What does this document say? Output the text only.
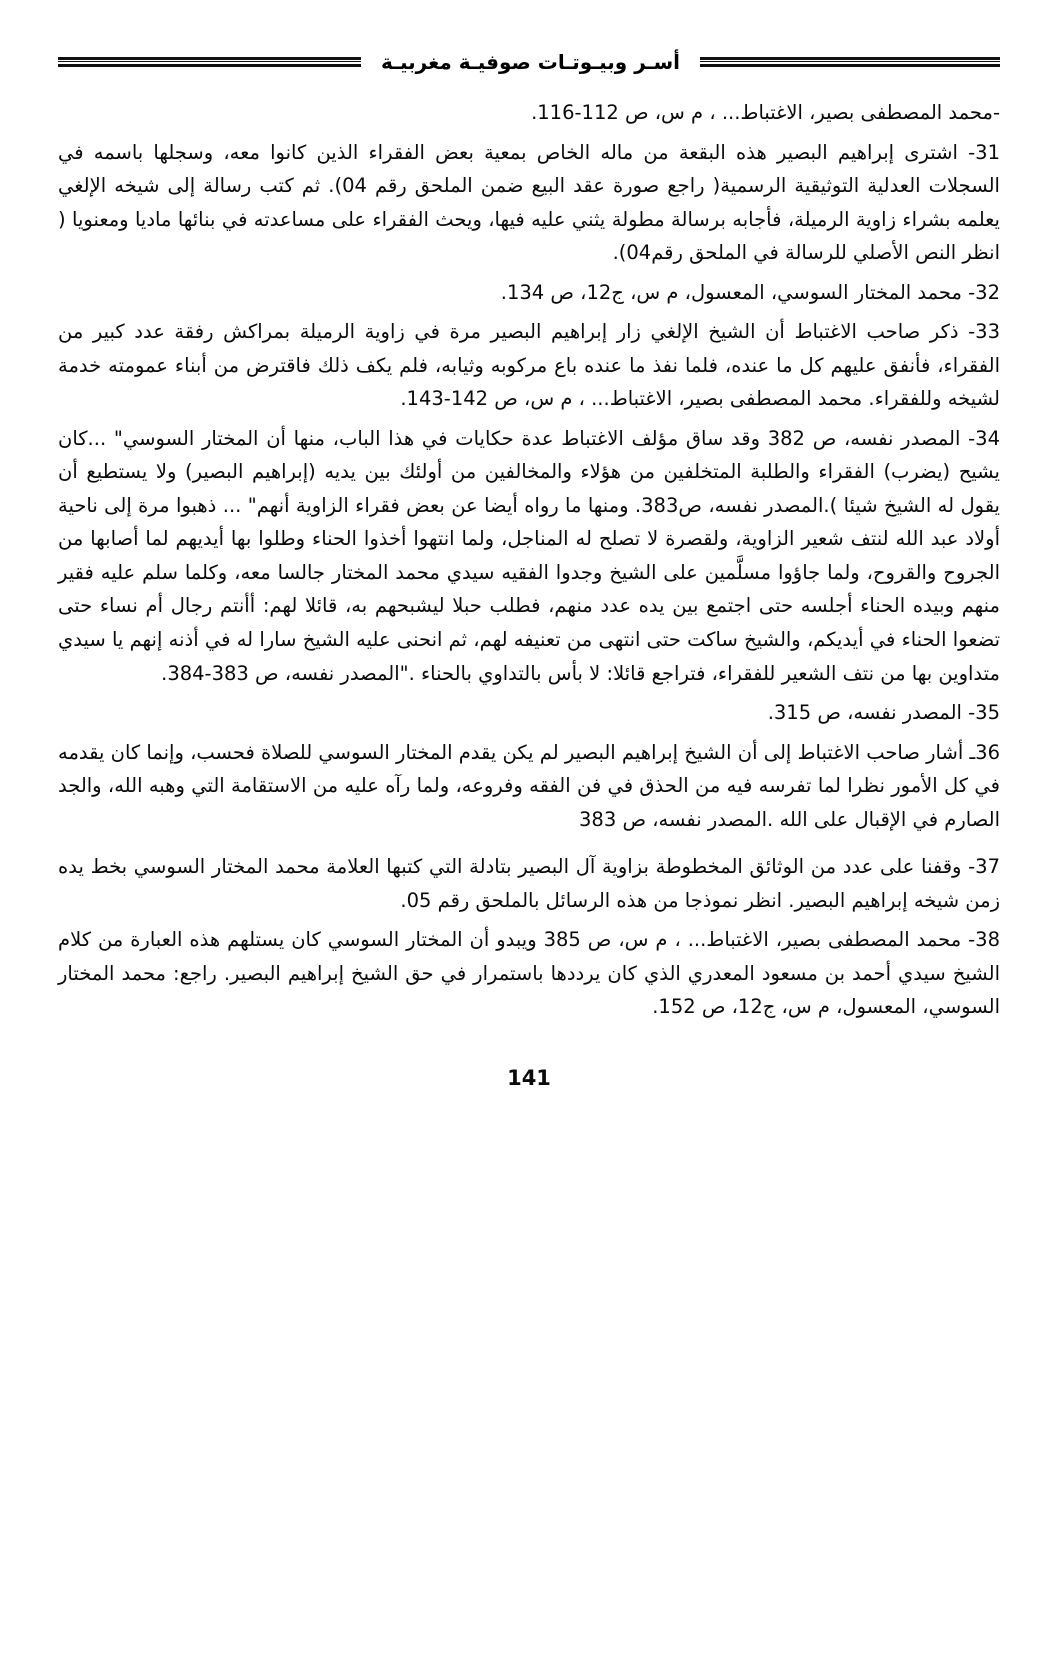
أسـر وبيـوتـات صوفيـة مغربيـة

-محمد المصطفى بصير، الاغتباط... ، م س، ص 112-116.

31- اشترى إبراهيم البصير هذه البقعة من ماله الخاص بمعية بعض الفقراء الذين كانوا معه، وسجلها باسمه في السجلات العدلية التوثيقية الرسمية( راجع صورة عقد البيع ضمن الملحق رقم 04). ثم كتب رسالة إلى شيخه الإلغي يعلمه بشراء زاوية الرميلة، فأجابه برسالة مطولة يثني عليه فيها، ويحث الفقراء على مساعدته في بنائها ماديا ومعنويا ( انظر النص الأصلي للرسالة في الملحق رقم04).

32- محمد المختار السوسي، المعسول، م س، ج12، ص 134.

33- ذكر صاحب الاغتباط أن الشيخ الإلغي زار إبراهيم البصير مرة في زاوية الرميلة بمراكش رفقة عدد كبير من الفقراء، فأنفق عليهم كل ما عنده، فلما نفذ ما عنده باع مركوبه وثيابه، فلم يكف ذلك فاقترض من أبناء عمومته خدمة لشيخه وللفقراء. محمد المصطفى بصير، الاغتباط... ، م س، ص 142-143.

34- المصدر نفسه، ص 382 وقد ساق مؤلف الاغتباط عدة حكايات في هذا الباب، منها أن المختار السوسي" ...كان يشيح (يضرب) الفقراء والطلبة المتخلفين من هؤلاء والمخالفين من أولئك بين يديه (إبراهيم البصير) ولا يستطيع أن يقول له الشيخ شيئا ).المصدر نفسه، ص383. ومنها ما رواه أيضا عن بعض فقراء الزاوية أنهم" ... ذهبوا مرة إلى ناحية أولاد عبد الله لنتف شعير الزاوية، ولقصرة لا تصلح له المناجل، ولما انتهوا أخذوا الحناء وطلوا بها أيديهم لما أصابها من الجروح والقروح، ولما جاؤوا مسلَّمين على الشيخ وجدوا الفقيه سيدي محمد المختار جالسا معه، وكلما سلم عليه فقير منهم وبيده الحناء أجلسه حتى اجتمع بين يده عدد منهم، فطلب حبلا ليشبحهم به، قائلا لهم: أأنتم رجال أم نساء حتى تضعوا الحناء في أيديكم، والشيخ ساكت حتى انتهى من تعنيفه لهم، ثم انحنى عليه الشيخ سارا له في أذنه إنهم يا سيدي متداوين بها من نتف الشعير للفقراء، فتراجع قائلا: لا بأس بالتداوي بالحناء ."المصدر نفسه، ص 383-384.

35- المصدر نفسه، ص 315.

36ـ أشار صاحب الاغتباط إلى أن الشيخ إبراهيم البصير لم يكن يقدم المختار السوسي للصلاة فحسب، وإنما كان يقدمه في كل الأمور نظرا لما تفرسه فيه من الحذق في فن الفقه وفروعه، ولما رآه عليه من الاستقامة التي وهبه الله، والجد الصارم في الإقبال على الله .المصدر نفسه، ص 383

37- وقفنا على عدد من الوثائق المخطوطة بزاوية آل البصير بتادلة التي كتبها العلامة محمد المختار السوسي بخط يده زمن شيخه إبراهيم البصير. انظر نموذجا من هذه الرسائل بالملحق رقم 05.

38- محمد المصطفى بصير، الاغتباط... ، م س، ص 385 ويبدو أن المختار السوسي كان يستلهم هذه العبارة من كلام الشيخ سيدي أحمد بن مسعود المعدري الذي كان يرددها باستمرار في حق الشيخ إبراهيم البصير. راجع: محمد المختار السوسي، المعسول، م س، ج12، ص 152.

141
